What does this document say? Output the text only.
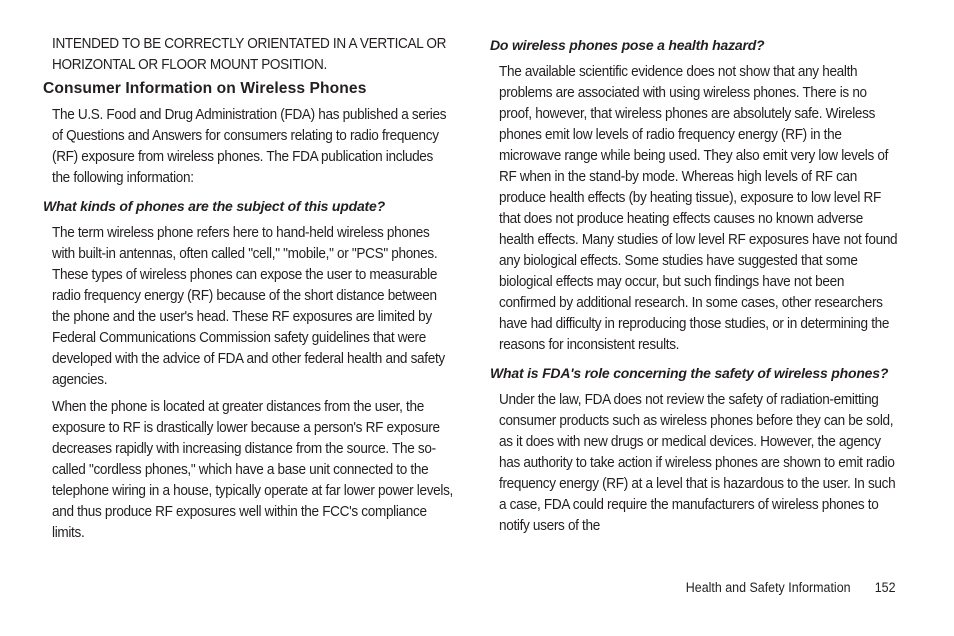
INTENDED TO BE CORRECTLY ORIENTATED IN A VERTICAL OR HORIZONTAL OR FLOOR MOUNT POSITION.

Consumer Information on Wireless Phones

The U.S. Food and Drug Administration (FDA) has published a series of Questions and Answers for consumers relating to radio frequency (RF) exposure from wireless phones. The FDA publication includes the following information:

What kinds of phones are the subject of this update?

The term wireless phone refers here to hand-held wireless phones with built-in antennas, often called "cell," "mobile," or "PCS" phones. These types of wireless phones can expose the user to measurable radio frequency energy (RF) because of the short distance between the phone and the user's head. These RF exposures are limited by Federal Communications Commission safety guidelines that were developed with the advice of FDA and other federal health and safety agencies.

When the phone is located at greater distances from the user, the exposure to RF is drastically lower because a person's RF exposure decreases rapidly with increasing distance from the source. The so-called "cordless phones," which have a base unit connected to the telephone wiring in a house, typically operate at far lower power levels, and thus produce RF exposures well within the FCC's compliance limits.

Do wireless phones pose a health hazard?

The available scientific evidence does not show that any health problems are associated with using wireless phones. There is no proof, however, that wireless phones are absolutely safe. Wireless phones emit low levels of radio frequency energy (RF) in the microwave range while being used. They also emit very low levels of RF when in the stand-by mode. Whereas high levels of RF can produce health effects (by heating tissue), exposure to low level RF that does not produce heating effects causes no known adverse health effects. Many studies of low level RF exposures have not found any biological effects. Some studies have suggested that some biological effects may occur, but such findings have not been confirmed by additional research. In some cases, other researchers have had difficulty in reproducing those studies, or in determining the reasons for inconsistent results.

What is FDA's role concerning the safety of wireless phones?

Under the law, FDA does not review the safety of radiation-emitting consumer products such as wireless phones before they can be sold, as it does with new drugs or medical devices. However, the agency has authority to take action if wireless phones are shown to emit radio frequency energy (RF) at a level that is hazardous to the user. In such a case, FDA could require the manufacturers of wireless phones to notify users of the

Health and Safety Information 152
